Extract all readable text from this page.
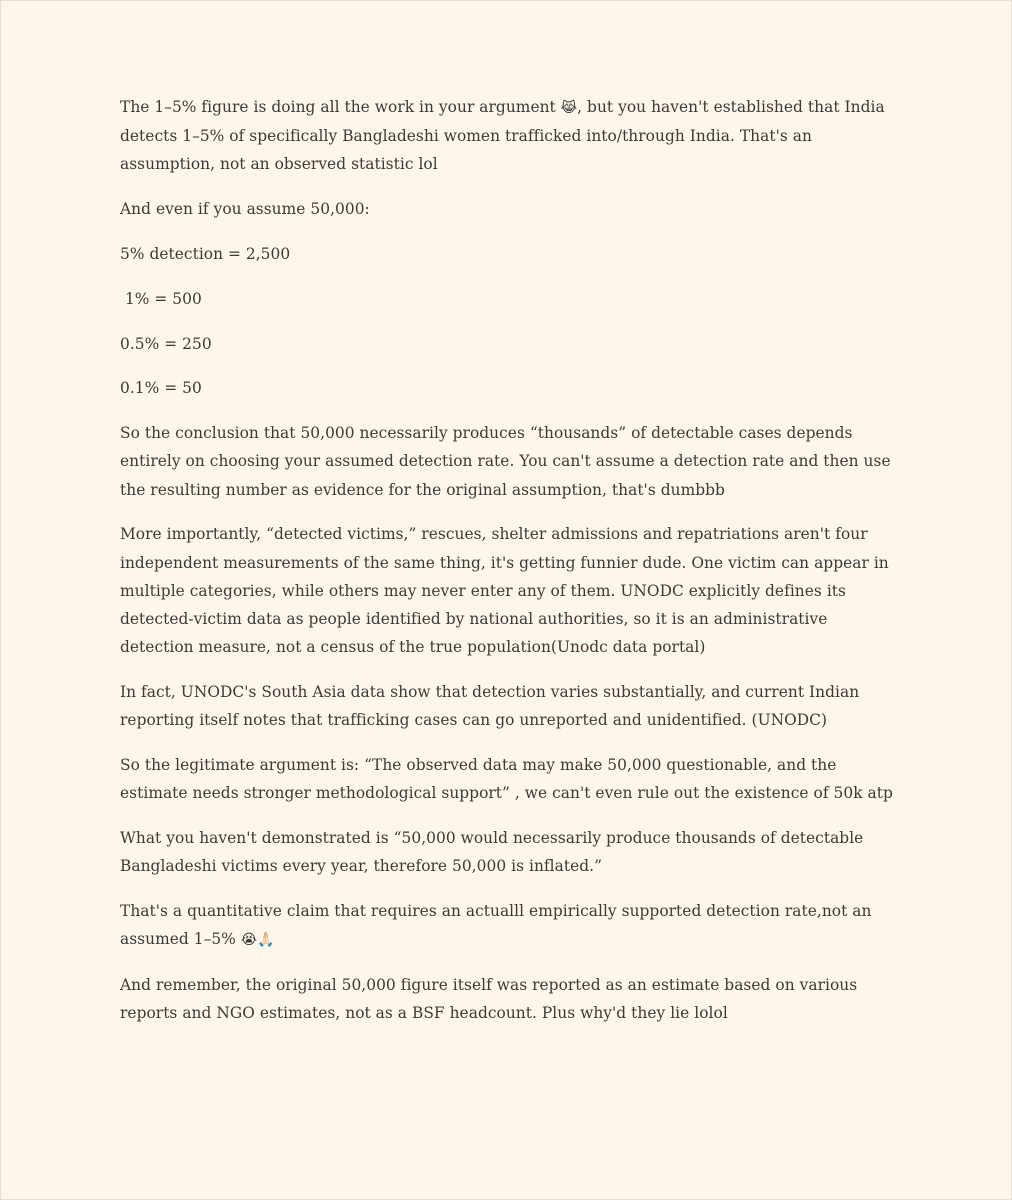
The 1–5% figure is doing all the work in your argument 😹, but you haven't established that India detects 1–5% of specifically Bangladeshi women trafficked into/through India. That's an assumption, not an observed statistic lol

And even if you assume 50,000:

5% detection = 2,500

1% = 500

0.5% = 250

0.1% = 50

So the conclusion that 50,000 necessarily produces “thousands” of detectable cases depends entirely on choosing your assumed detection rate. You can't assume a detection rate and then use the resulting number as evidence for the original assumption, that's dumbbb

More importantly, “detected victims,” rescues, shelter admissions and repatriations aren't four independent measurements of the same thing, it's getting funnier dude. One victim can appear in multiple categories, while others may never enter any of them. UNODC explicitly defines its detected-victim data as people identified by national authorities, so it is an administrative detection measure, not a census of the true population(Unodc data portal)

In fact, UNODC's South Asia data show that detection varies substantially, and current Indian reporting itself notes that trafficking cases can go unreported and unidentified. (UNODC)

So the legitimate argument is: “The observed data may make 50,000 questionable, and the estimate needs stronger methodological support” , we can't even rule out the existence of 50k atp

What you haven't demonstrated is “50,000 would necessarily produce thousands of detectable Bangladeshi victims every year, therefore 50,000 is inflated.”

That's a quantitative claim that requires an actualll empirically supported detection rate,not an assumed 1–5% 😭🙏🏻

And remember, the original 50,000 figure itself was reported as an estimate based on various reports and NGO estimates, not as a BSF headcount. Plus why'd they lie lolol
